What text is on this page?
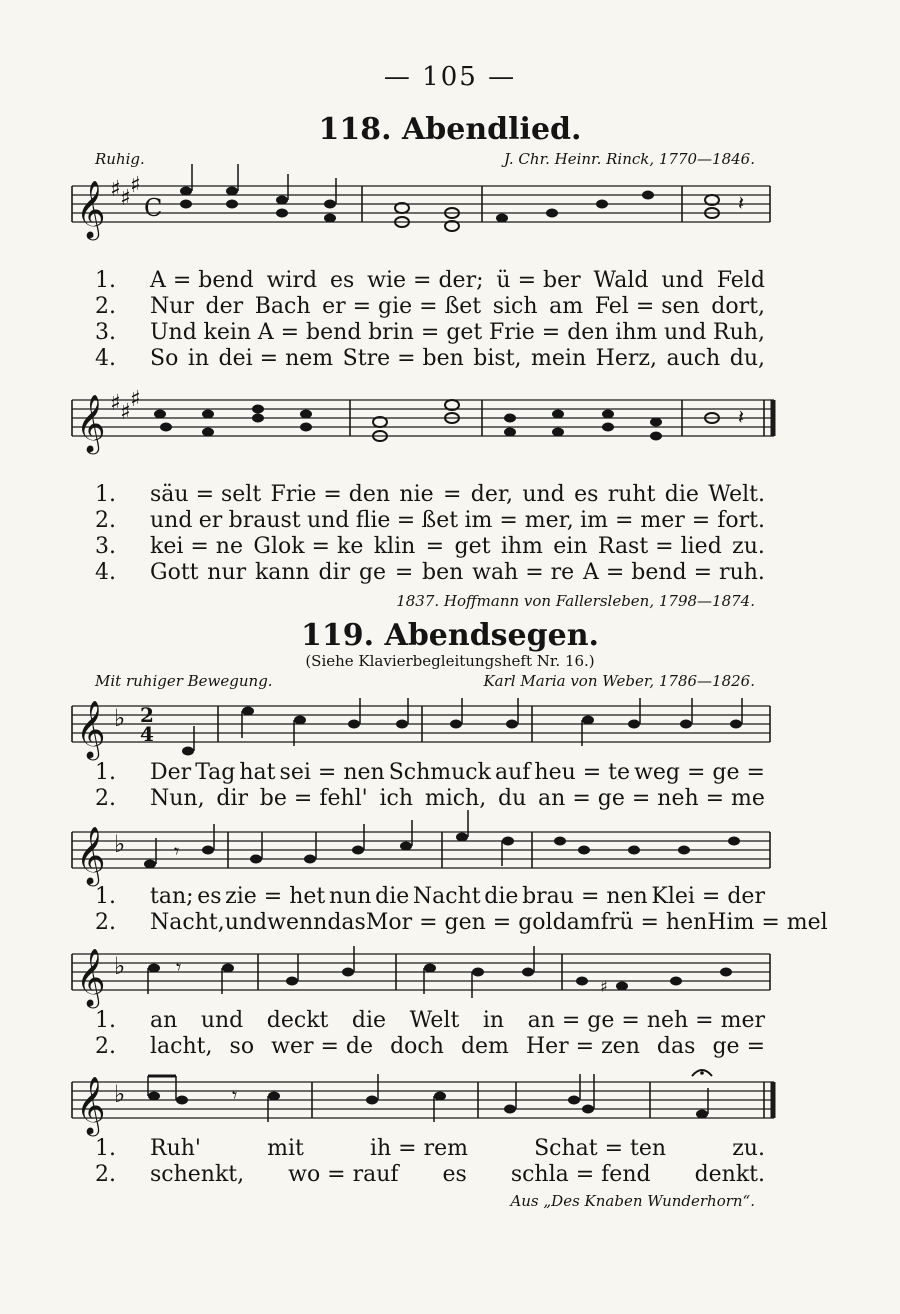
— 105 —
118. Abendlied.
Ruhig.	J. Chr. Heinr. Rinck, 1770—1846.
𝄞 ♯ ♯
♯
C	𝄽
1.	A = bend wird es wie = der; ü = ber Wald und Feld
2.	Nur der Bach er = gie = ßet sich am Fel = sen dort,
3.	Und kein A = bend brin = get Frie = den ihm und Ruh,
4.	So in dei = nem Stre = ben bist, mein Herz, auch du,
𝄞 ♯ ♯
♯
𝄽
1.	säu = selt Frie = den nie = der, und es ruht die Welt.
2.	und er braust und flie = ßet im = mer, im = mer = fort.
3.	kei = ne Glok = ke klin = get ihm ein Rast = lied zu.
4.	Gott nur kann dir ge = ben wah = re A = bend = ruh.
1837. Hoffmann von Fallersleben, 1798—1874.
119. Abendsegen.
(Siehe Klavierbegleitungsheft Nr. 16.)
Mit ruhiger Bewegung.	Karl Maria von Weber, 1786—1826.
𝄞 ♭ 2
4
1.	Der Tag hat sei = nen Schmuck auf heu = te weg = ge =
2.	Nun, dir be = fehl' ich mich, du an = ge = neh = me
𝄞 ♭ 𝄾
1.	tan; es zie = het nun die Nacht die brau = nen Klei = der
2.	Nacht, und wenn das Mor = gen = gold am frü = hen Him = mel
𝄞 ♭	𝄾
♯
1.	an und deckt die Welt in an = ge = neh = mer
2.	lacht, so wer = de doch dem Her = zen das ge =
𝄞 ♭	𝄾
1.	Ruh'	mit	ih = rem	Schat = ten	zu.
2.	schenkt, wo = rauf es schla = fend denkt.
Aus „Des Knaben Wunderhorn“.
